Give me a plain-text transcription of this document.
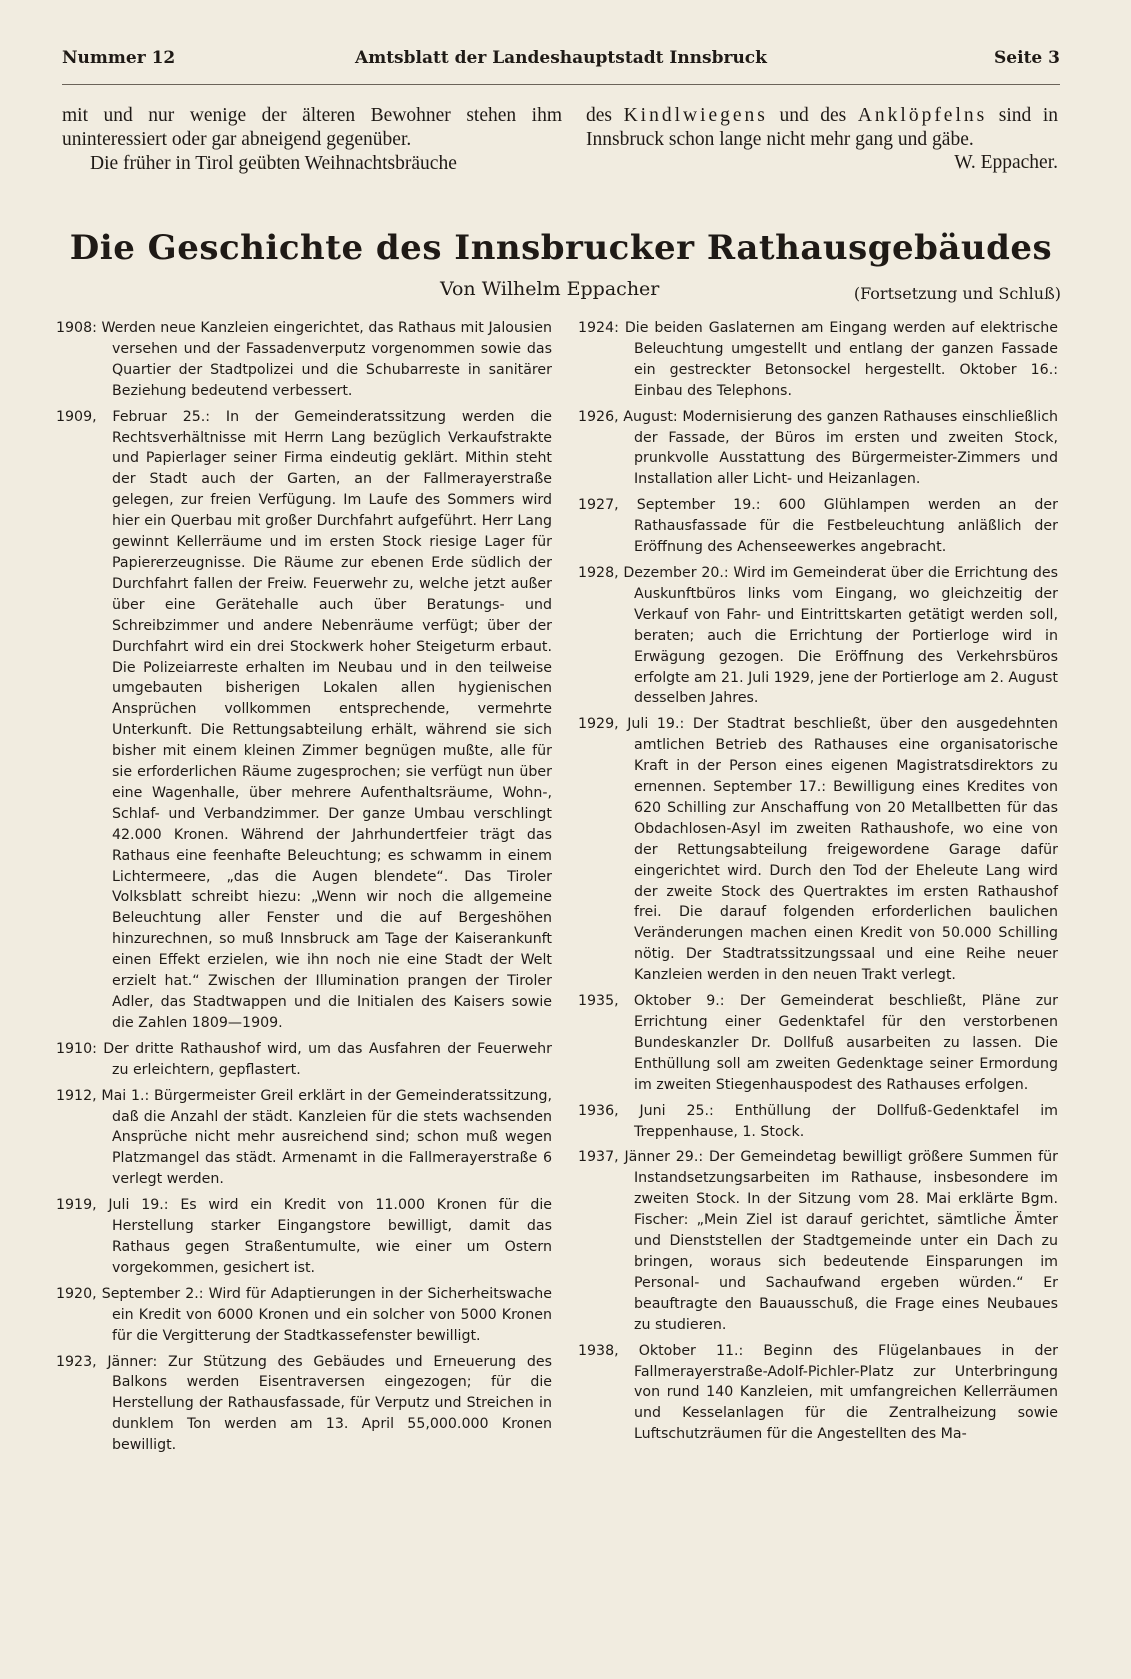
Nummer 12	Amtsblatt der Landeshauptstadt Innsbruck	Seite 3

mit und nur wenige der älteren Bewohner stehen ihm uninteressiert oder gar abneigend gegenüber.

Die früher in Tirol geübten Weihnachtsbräuche

des Kindlwiegens und des Anklöpfelns sind in Innsbruck schon lange nicht mehr gang und gäbe.

W. Eppacher.
Die Geschichte des Innsbrucker Rathausgebäudes
Von Wilhelm Eppacher	(Fortsetzung und Schluß)

1908: Werden neue Kanzleien eingerichtet, das Rathaus mit Jalousien versehen und der Fassadenverputz vorgenommen sowie das Quartier der Stadtpolizei und die Schubarreste in sanitärer Beziehung bedeutend verbessert.

1909, Februar 25.: In der Gemeinderatssitzung werden die Rechtsverhältnisse mit Herrn Lang bezüglich Verkaufstrakte und Papierlager seiner Firma eindeutig geklärt. Mithin steht der Stadt auch der Garten, an der Fallmerayerstraße gelegen, zur freien Verfügung. Im Laufe des Sommers wird hier ein Querbau mit großer Durchfahrt aufgeführt. Herr Lang gewinnt Kellerräume und im ersten Stock riesige Lager für Papiererzeugnisse. Die Räume zur ebenen Erde südlich der Durchfahrt fallen der Freiw. Feuerwehr zu, welche jetzt außer über eine Gerätehalle auch über Beratungs- und Schreibzimmer und andere Nebenräume verfügt; über der Durchfahrt wird ein drei Stockwerk hoher Steigeturm erbaut. Die Polizeiarreste erhalten im Neubau und in den teilweise umgebauten bisherigen Lokalen allen hygienischen Ansprüchen vollkommen entsprechende, vermehrte Unterkunft. Die Rettungsabteilung erhält, während sie sich bisher mit einem kleinen Zimmer begnügen mußte, alle für sie erforderlichen Räume zugesprochen; sie verfügt nun über eine Wagenhalle, über mehrere Aufenthaltsräume, Wohn-, Schlaf- und Verbandzimmer. Der ganze Umbau verschlingt 42.000 Kronen. Während der Jahrhundertfeier trägt das Rathaus eine feenhafte Beleuchtung; es schwamm in einem Lichtermeere, „das die Augen blendete“. Das Tiroler Volksblatt schreibt hiezu: „Wenn wir noch die allgemeine Beleuchtung aller Fenster und die auf Bergeshöhen hinzurechnen, so muß Innsbruck am Tage der Kaiserankunft einen Effekt erzielen, wie ihn noch nie eine Stadt der Welt erzielt hat.“ Zwischen der Illumination prangen der Tiroler Adler, das Stadtwappen und die Initialen des Kaisers sowie die Zahlen 1809—1909.

1910: Der dritte Rathaushof wird, um das Ausfahren der Feuerwehr zu erleichtern, gepflastert.

1912, Mai 1.: Bürgermeister Greil erklärt in der Gemeinderatssitzung, daß die Anzahl der städt. Kanzleien für die stets wachsenden Ansprüche nicht mehr ausreichend sind; schon muß wegen Platzmangel das städt. Armenamt in die Fallmerayerstraße 6 verlegt werden.

1919, Juli 19.: Es wird ein Kredit von 11.000 Kronen für die Herstellung starker Eingangstore bewilligt, damit das Rathaus gegen Straßentumulte, wie einer um Ostern vorgekommen, gesichert ist.

1920, September 2.: Wird für Adaptierungen in der Sicherheitswache ein Kredit von 6000 Kronen und ein solcher von 5000 Kronen für die Vergitterung der Stadtkassefenster bewilligt.

1923, Jänner: Zur Stützung des Gebäudes und Erneuerung des Balkons werden Eisentraversen eingezogen; für die Herstellung der Rathausfassade, für Verputz und Streichen in dunklem Ton werden am 13. April 55,000.000 Kronen bewilligt.

1924: Die beiden Gaslaternen am Eingang werden auf elektrische Beleuchtung umgestellt und entlang der ganzen Fassade ein gestreckter Betonsockel hergestellt. Oktober 16.: Einbau des Telephons.

1926, August: Modernisierung des ganzen Rathauses einschließlich der Fassade, der Büros im ersten und zweiten Stock, prunkvolle Ausstattung des Bürgermeister-Zimmers und Installation aller Licht- und Heizanlagen.

1927, September 19.: 600 Glühlampen werden an der Rathausfassade für die Festbeleuchtung anläßlich der Eröffnung des Achenseewerkes angebracht.

1928, Dezember 20.: Wird im Gemeinderat über die Errichtung des Auskunftbüros links vom Eingang, wo gleichzeitig der Verkauf von Fahr- und Eintrittskarten getätigt werden soll, beraten; auch die Errichtung der Portierloge wird in Erwägung gezogen. Die Eröffnung des Verkehrsbüros erfolgte am 21. Juli 1929, jene der Portierloge am 2. August desselben Jahres.

1929, Juli 19.: Der Stadtrat beschließt, über den ausgedehnten amtlichen Betrieb des Rathauses eine organisatorische Kraft in der Person eines eigenen Magistratsdirektors zu ernennen. September 17.: Bewilligung eines Kredites von 620 Schilling zur Anschaffung von 20 Metallbetten für das Obdachlosen-Asyl im zweiten Rathaushofe, wo eine von der Rettungsabteilung freigewordene Garage dafür eingerichtet wird. Durch den Tod der Eheleute Lang wird der zweite Stock des Quertraktes im ersten Rathaushof frei. Die darauf folgenden erforderlichen baulichen Veränderungen machen einen Kredit von 50.000 Schilling nötig. Der Stadtratssitzungssaal und eine Reihe neuer Kanzleien werden in den neuen Trakt verlegt.

1935, Oktober 9.: Der Gemeinderat beschließt, Pläne zur Errichtung einer Gedenktafel für den verstorbenen Bundeskanzler Dr. Dollfuß ausarbeiten zu lassen. Die Enthüllung soll am zweiten Gedenktage seiner Ermordung im zweiten Stiegenhauspodest des Rathauses erfolgen.

1936, Juni 25.: Enthüllung der Dollfuß-Gedenktafel im Treppenhause, 1. Stock.

1937, Jänner 29.: Der Gemeindetag bewilligt größere Summen für Instandsetzungsarbeiten im Rathause, insbesondere im zweiten Stock. In der Sitzung vom 28. Mai erklärte Bgm. Fischer: „Mein Ziel ist darauf gerichtet, sämtliche Ämter und Dienststellen der Stadtgemeinde unter ein Dach zu bringen, woraus sich bedeutende Einsparungen im Personal- und Sachaufwand ergeben würden.“ Er beauftragte den Bauausschuß, die Frage eines Neubaues zu studieren.

1938, Oktober 11.: Beginn des Flügelanbaues in der Fallmerayerstraße-Adolf-Pichler-Platz zur Unterbringung von rund 140 Kanzleien, mit umfangreichen Kellerräumen und Kesselanlagen für die Zentralheizung sowie Luftschutzräumen für die Angestellten des Ma-
